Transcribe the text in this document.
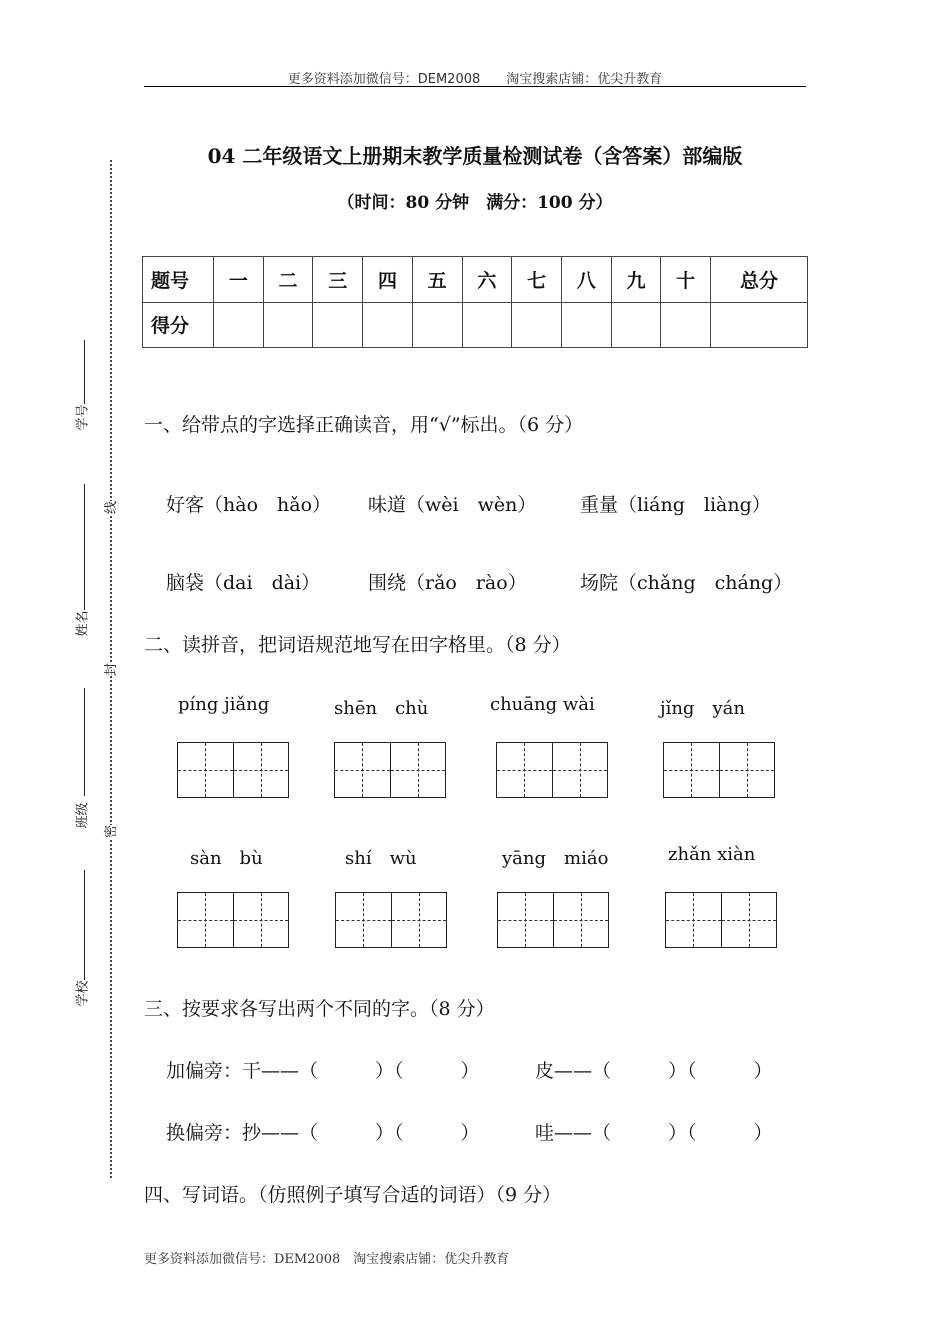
更多资料添加微信号：DEM2008　　淘宝搜索店铺：优尖升教育
04 二年级语文上册期末教学质量检测试卷（含答案）部编版
（时间：80 分钟　满分：100 分）
题号	一	二	三	四	五	六	七	八	九	十	总分
得分											
线
封
密
学号
姓名
班级
学校
一、给带点的字选择正确读音，用“√”标出。（6 分）
好客（hào　hǎo） 味道（wèi　wèn） 重量（liáng　liàng）
脑袋（dai　dài）	围绕（rǎo　rào）	场院（chǎng　cháng）
二、读拼音，把词语规范地写在田字格里。（8 分）
píng jiǎng	shēn　chù	chuāng wài	jǐng　yán
sàn　bù	shí　wù	yāng　miáo	zhǎn xiàn
三、按要求各写出两个不同的字。（8 分）
加偏旁：干——（　　　）（　　　）	皮——（　　　）（　　　）
换偏旁：抄——（　　　）（　　　）	哇——（　　　）（　　　）
四、写词语。（仿照例子填写合适的词语）（9 分）
更多资料添加微信号：DEM2008　淘宝搜索店铺：优尖升教育
